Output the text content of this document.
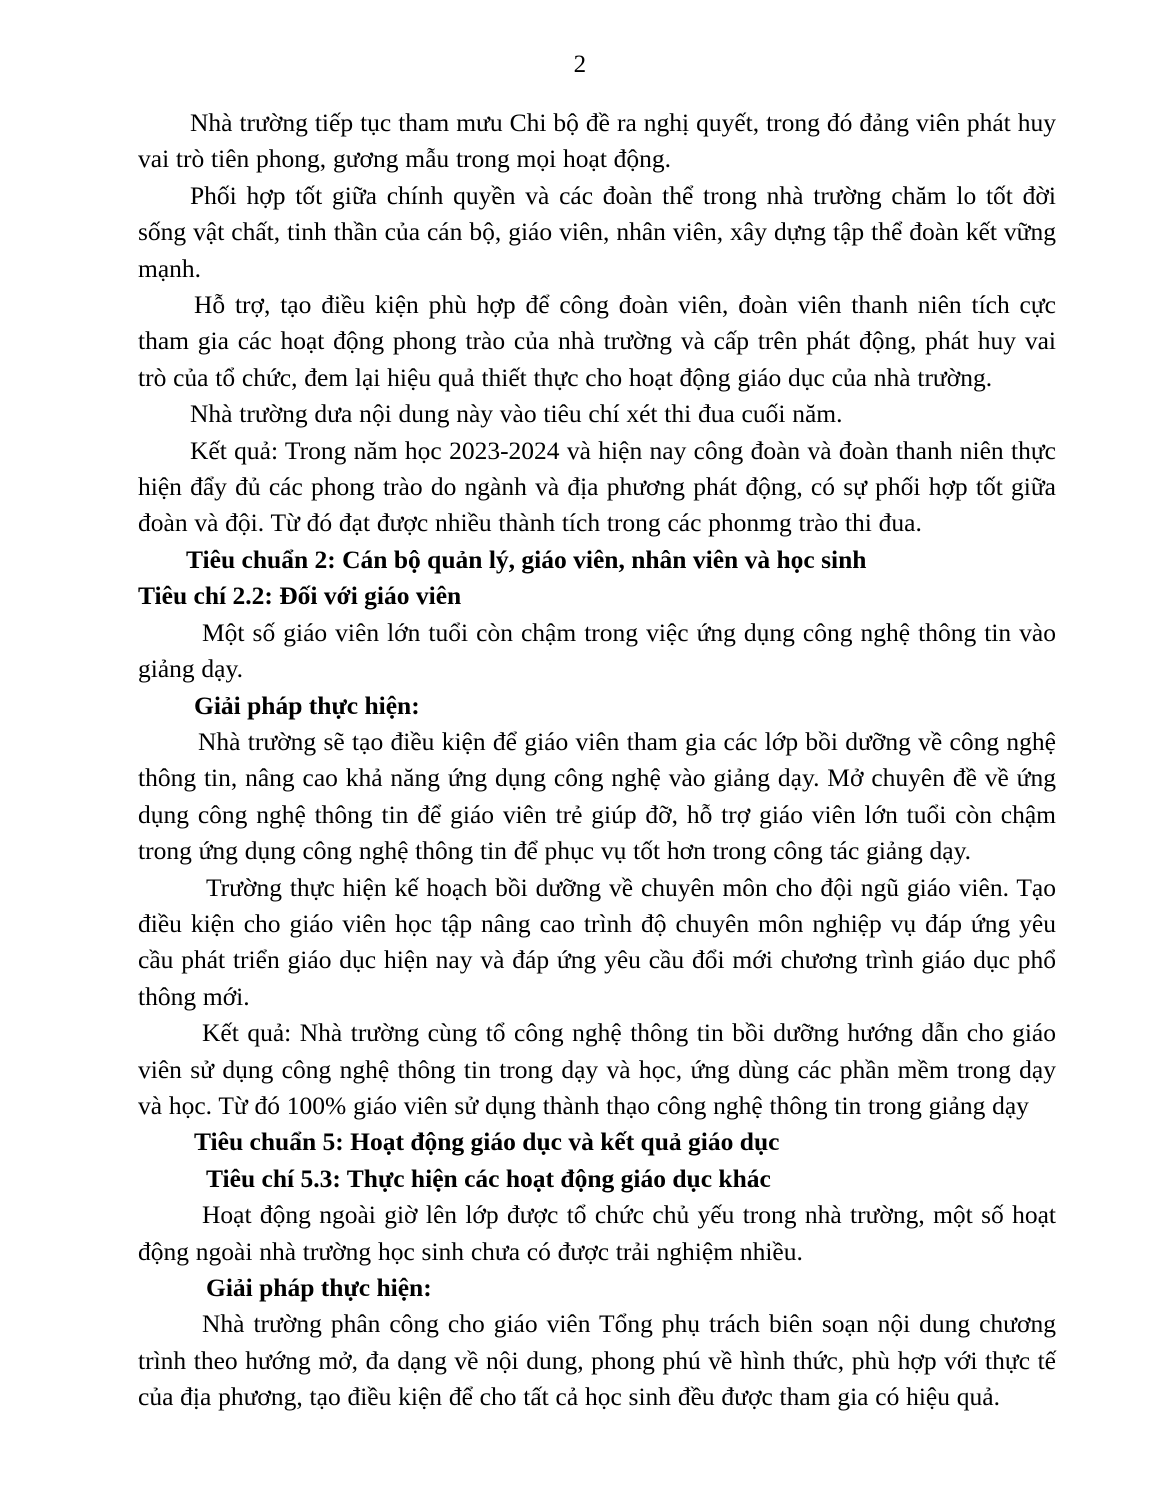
2

Nhà trường tiếp tục tham mưu Chi bộ đề ra nghị quyết, trong đó đảng viên phát huy vai trò tiên phong, gương mẫu trong mọi hoạt động.

Phối hợp tốt giữa chính quyền và các đoàn thể trong nhà trường chăm lo tốt đời sống vật chất, tinh thần của cán bộ, giáo viên, nhân viên, xây dựng tập thể đoàn kết vững mạnh.

Hỗ trợ, tạo điều kiện phù hợp để công đoàn viên, đoàn viên thanh niên tích cực tham gia các hoạt động phong trào của nhà trường và cấp trên phát động, phát huy vai trò của tổ chức, đem lại hiệu quả thiết thực cho hoạt động giáo dục của nhà trường.

Nhà trường dưa nội dung này vào tiêu chí xét thi đua cuối năm.

Kết quả: Trong năm học 2023-2024 và hiện nay công đoàn và đoàn thanh niên thực hiện đẩy đủ các phong trào do ngành và địa phương phát động, có sự phối hợp tốt giữa đoàn và đội. Từ đó đạt được nhiều thành tích trong các phonmg trào thi đua.

Tiêu chuẩn 2: Cán bộ quản lý, giáo viên, nhân viên và học sinh

Tiêu chí 2.2: Đối với giáo viên

Một số giáo viên lớn tuổi còn chậm trong việc ứng dụng công nghệ thông tin vào giảng dạy.

Giải pháp thực hiện:

Nhà trường sẽ tạo điều kiện để giáo viên tham gia các lớp bồi dưỡng về công nghệ thông tin, nâng cao khả năng ứng dụng công nghệ vào giảng dạy. Mở chuyên đề về ứng dụng công nghệ thông tin để giáo viên trẻ giúp đỡ, hỗ trợ giáo viên lớn tuổi còn chậm trong ứng dụng công nghệ thông tin để phục vụ tốt hơn trong công tác giảng dạy.

Trường thực hiện kế hoạch bồi dưỡng về chuyên môn cho đội ngũ giáo viên. Tạo điều kiện cho giáo viên học tập nâng cao trình độ chuyên môn nghiệp vụ đáp ứng yêu cầu phát triển giáo dục hiện nay và đáp ứng yêu cầu đổi mới chương trình giáo dục phổ thông mới.

Kết quả: Nhà trường cùng tổ công nghệ thông tin bồi dưỡng hướng dẫn cho giáo viên sử dụng công nghệ thông tin trong dạy và học, ứng dùng các phần mềm trong dạy và học. Từ đó 100% giáo viên sử dụng thành thạo công nghệ thông tin trong giảng dạy

Tiêu chuẩn 5: Hoạt động giáo dục và kết quả giáo dục

Tiêu chí 5.3: Thực hiện các hoạt động giáo dục khác

Hoạt động ngoài giờ lên lớp được tổ chức chủ yếu trong nhà trường, một số hoạt động ngoài nhà trường học sinh chưa có được trải nghiệm nhiều.

Giải pháp thực hiện:

Nhà trường phân công cho giáo viên Tổng phụ trách biên soạn nội dung chương trình theo hướng mở, đa dạng về nội dung, phong phú về hình thức, phù hợp với thực tế của địa phương, tạo điều kiện để cho tất cả học sinh đều được tham gia có hiệu quả.
